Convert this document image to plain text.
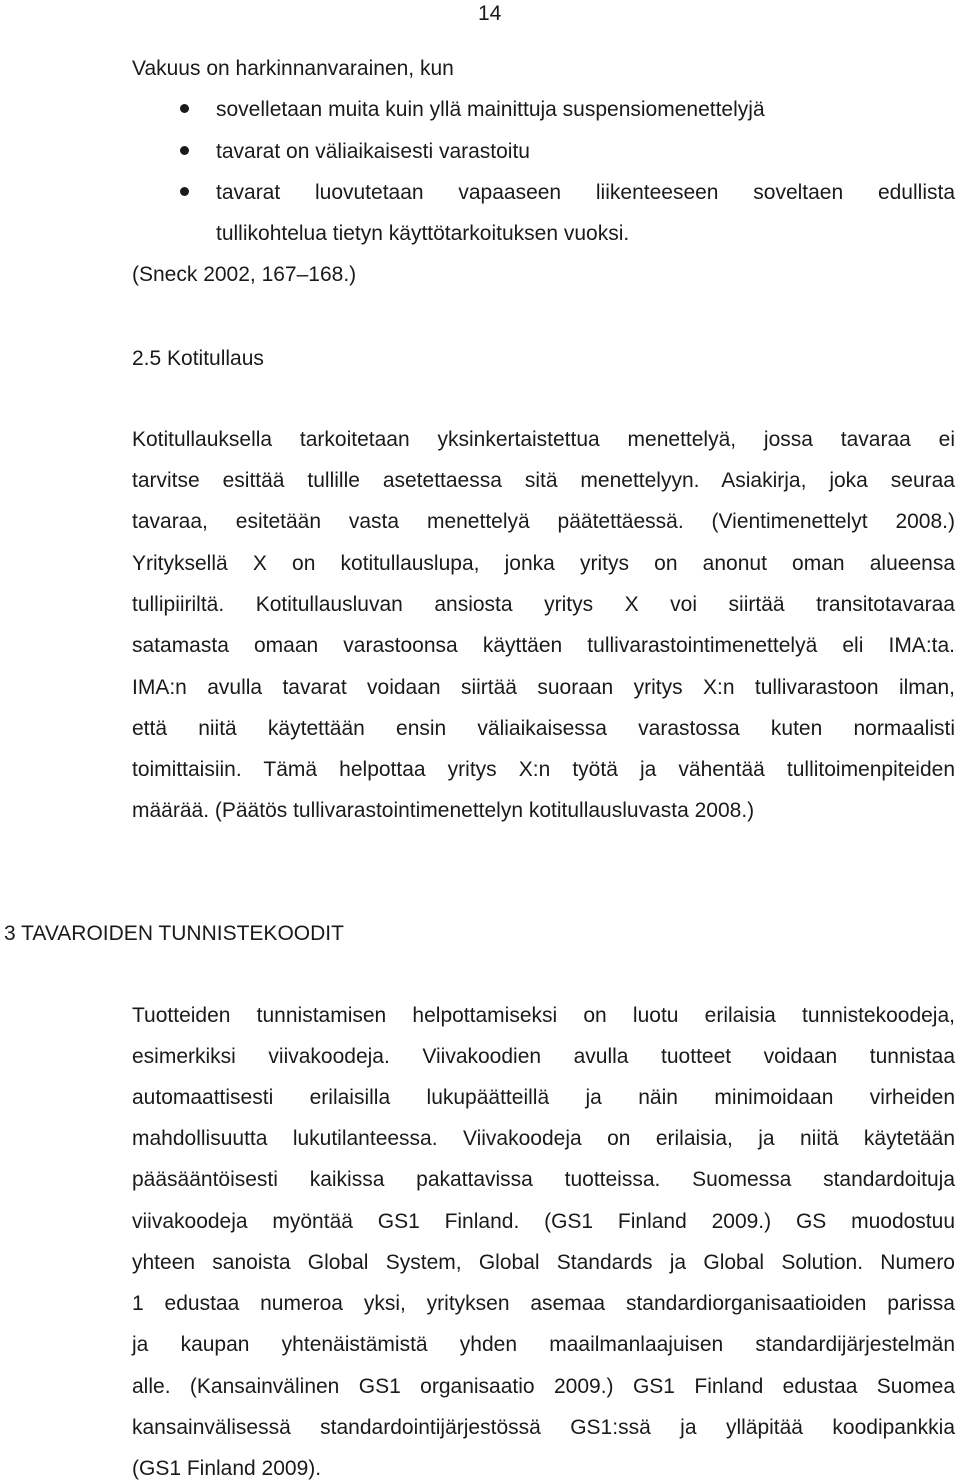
14
Vakuus on harkinnanvarainen, kun
sovelletaan muita kuin yllä mainittuja suspensiomenettelyjä
tavarat on väliaikaisesti varastoitu
tavarat luovutetaan vapaaseen liikenteeseen soveltaen edullista
tullikohtelua tietyn käyttötarkoituksen vuoksi.
(Sneck 2002, 167–168.)
2.5 Kotitullaus
Kotitullauksella tarkoitetaan yksinkertaistettua menettelyä, jossa tavaraa ei
tarvitse esittää tullille asetettaessa sitä menettelyyn. Asiakirja, joka seuraa
tavaraa, esitetään vasta menettelyä päätettäessä. (Vientimenettelyt 2008.)
Yrityksellä X on kotitullauslupa, jonka yritys on anonut oman alueensa
tullipiiriltä. Kotitullausluvan ansiosta yritys X voi siirtää transitotavaraa
satamasta omaan varastoonsa käyttäen tullivarastointimenettelyä eli IMA:ta.
IMA:n avulla tavarat voidaan siirtää suoraan yritys X:n tullivarastoon ilman,
että niitä käytettään ensin väliaikaisessa varastossa kuten normaalisti
toimittaisiin. Tämä helpottaa yritys X:n työtä ja vähentää tullitoimenpiteiden
määrää. (Päätös tullivarastointimenettelyn kotitullausluvasta 2008.)
3 TAVAROIDEN TUNNISTEKOODIT
Tuotteiden tunnistamisen helpottamiseksi on luotu erilaisia tunnistekoodeja,
esimerkiksi viivakoodeja. Viivakoodien avulla tuotteet voidaan tunnistaa
automaattisesti erilaisilla lukupäätteillä ja näin minimoidaan virheiden
mahdollisuutta lukutilanteessa. Viivakoodeja on erilaisia, ja niitä käytetään
pääsääntöisesti kaikissa pakattavissa tuotteissa. Suomessa standardoituja
viivakoodeja myöntää GS1 Finland. (GS1 Finland 2009.) GS muodostuu
yhteen sanoista Global System, Global Standards ja Global Solution. Numero
1 edustaa numeroa yksi, yrityksen asemaa standardiorganisaatioiden parissa
ja kaupan yhtenäistämistä yhden maailmanlaajuisen standardijärjestelmän
alle. (Kansainvälinen GS1 organisaatio 2009.) GS1 Finland edustaa Suomea
kansainvälisessä standardointijärjestössä GS1:ssä ja ylläpitää koodipankkia
(GS1 Finland 2009).
